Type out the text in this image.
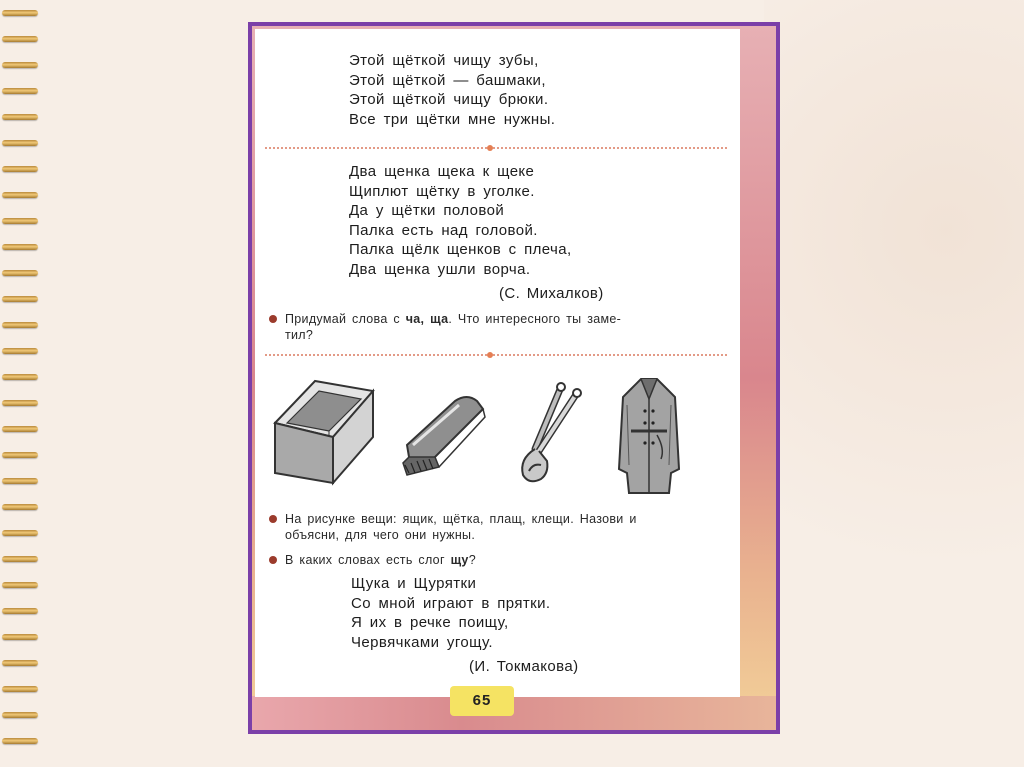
Этой щёткой чищу зубы,
Этой щёткой — башмаки,
Этой щёткой чищу брюки.
Все три щётки мне нужны.
Два щенка щека к щеке
Щиплют щётку в уголке.
Да у щётки половой
Палка есть над головой.
Палка щёлк щенков с плеча,
Два щенка ушли ворча.
(С. Михалков)
Придумай слова с ча, ща. Что интересного ты заме-
тил?
На рисунке вещи: ящик, щётка, плащ, клещи. Назови и
объясни, для чего они нужны.
В каких словах есть слог щу?
Щука и Щурятки
Со мной играют в прятки.
Я их в речке поищу,
Червячками угощу.
(И. Токмакова)
65
